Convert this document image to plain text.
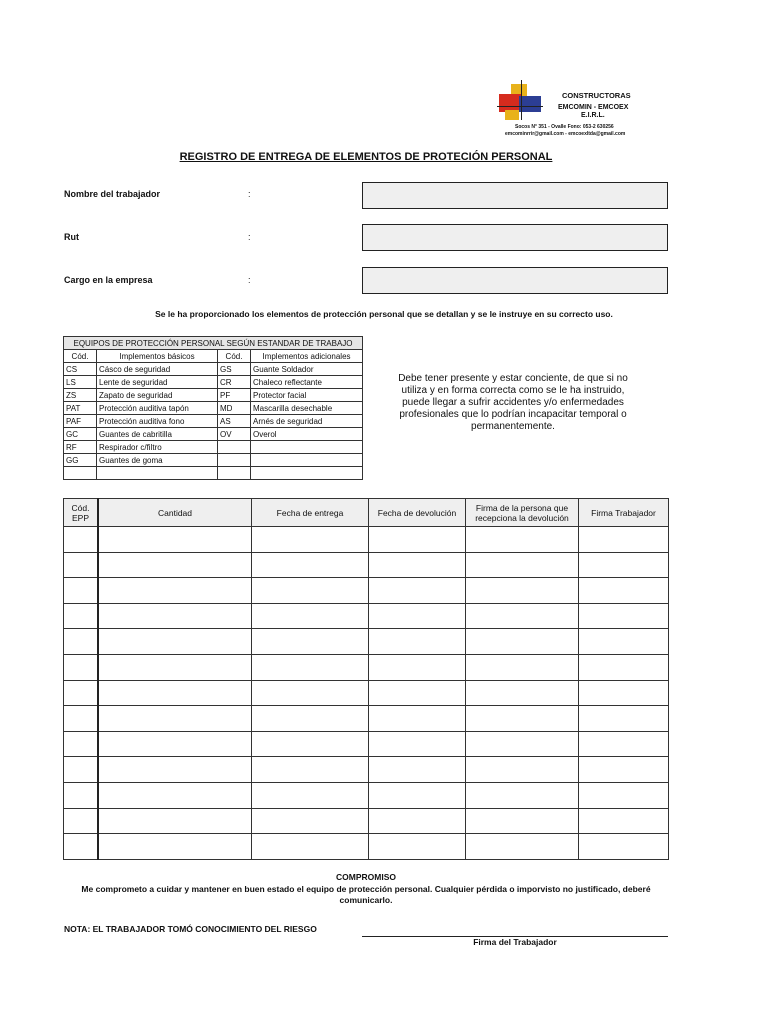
CONSTRUCTORAS
EMCOMIN - EMCOEX
E.I.R.L.
Socos N° 351 - Ovalle Fono: 053-2 630256
emcominrrir@gmail.com - emcoexltda@gmail.com
REGISTRO DE ENTREGA DE ELEMENTOS DE PROTECIÓN PERSONAL
Nombre del trabajador	:
Rut	:
Cargo en la empresa	:
Se le ha proporcionado los elementos de protección personal que se detallan y se le instruye en su correcto uso.
EQUIPOS DE PROTECCIÓN PERSONAL SEGÚN ESTANDAR DE TRABAJO			
Cód.	Implementos básicos	Cód.	Implementos adicionales
CS	Cásco de seguridad	GS	Guante Soldador
LS	Lente de seguridad	CR	Chaleco reflectante
ZS	Zapato de seguridad	PF	Protector facial
PAT	Protección auditiva tapón	MD	Mascarilla desechable
PAF	Protección auditiva fono	AS	Arnés de seguridad
GC	Guantes de cabritilla	OV	Overol
RF	Respirador c/filtro		
GG	Guantes de goma		

Debe tener presente y estar conciente, de que si no utiliza y en forma correcta como se le ha instruido, puede llegar a sufrir accidentes y/o enfermedades profesionales que lo podrían incapacitar temporal o permanentemente.
Cód. EPP	Cantidad	Fecha de entrega	Fecha de devolución	Firma de la persona que recepciona la devolución	Firma Trabajador

COMPROMISO
Me comprometo a cuidar y mantener en buen estado el equipo de protección personal. Cualquier pérdida o imporvisto no justificado, deberé comunicarlo.
NOTA: EL TRABAJADOR TOMÓ CONOCIMIENTO DEL RIESGO
Firma del Trabajador
